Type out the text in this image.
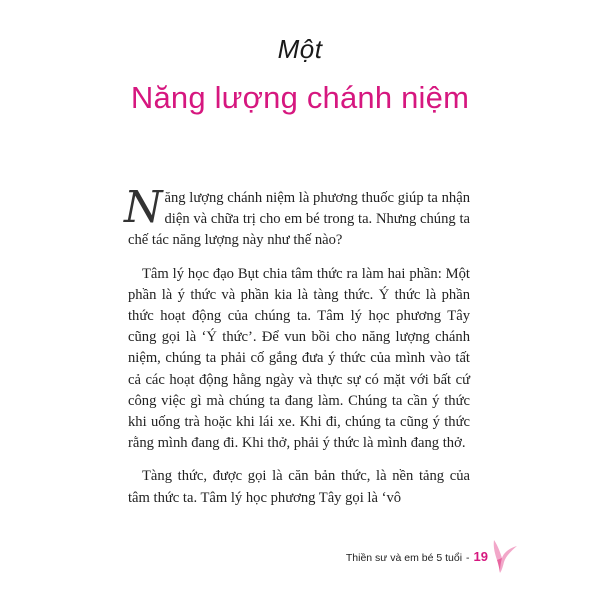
Một
Năng lượng chánh niệm

Năng lượng chánh niệm là phương thuốc giúp ta nhận diện và chữa trị cho em bé trong ta. Nhưng chúng ta chế tác năng lượng này như thế nào?

Tâm lý học đạo Bụt chia tâm thức ra làm hai phần: Một phần là ý thức và phần kia là tàng thức. Ý thức là phần thức hoạt động của chúng ta. Tâm lý học phương Tây cũng gọi là ‘Ý thức’. Để vun bồi cho năng lượng chánh niệm, chúng ta phải cố gắng đưa ý thức của mình vào tất cả các hoạt động hằng ngày và thực sự có mặt với bất cứ công việc gì mà chúng ta đang làm. Chúng ta cần ý thức khi uống trà hoặc khi lái xe. Khi đi, chúng ta cũng ý thức rằng mình đang đi. Khi thở, phải ý thức là mình đang thở.

Tàng thức, được gọi là căn bản thức, là nền tảng của tâm thức ta. Tâm lý học phương Tây gọi là ‘vô

Thiền sư và em bé 5 tuổi - 19
